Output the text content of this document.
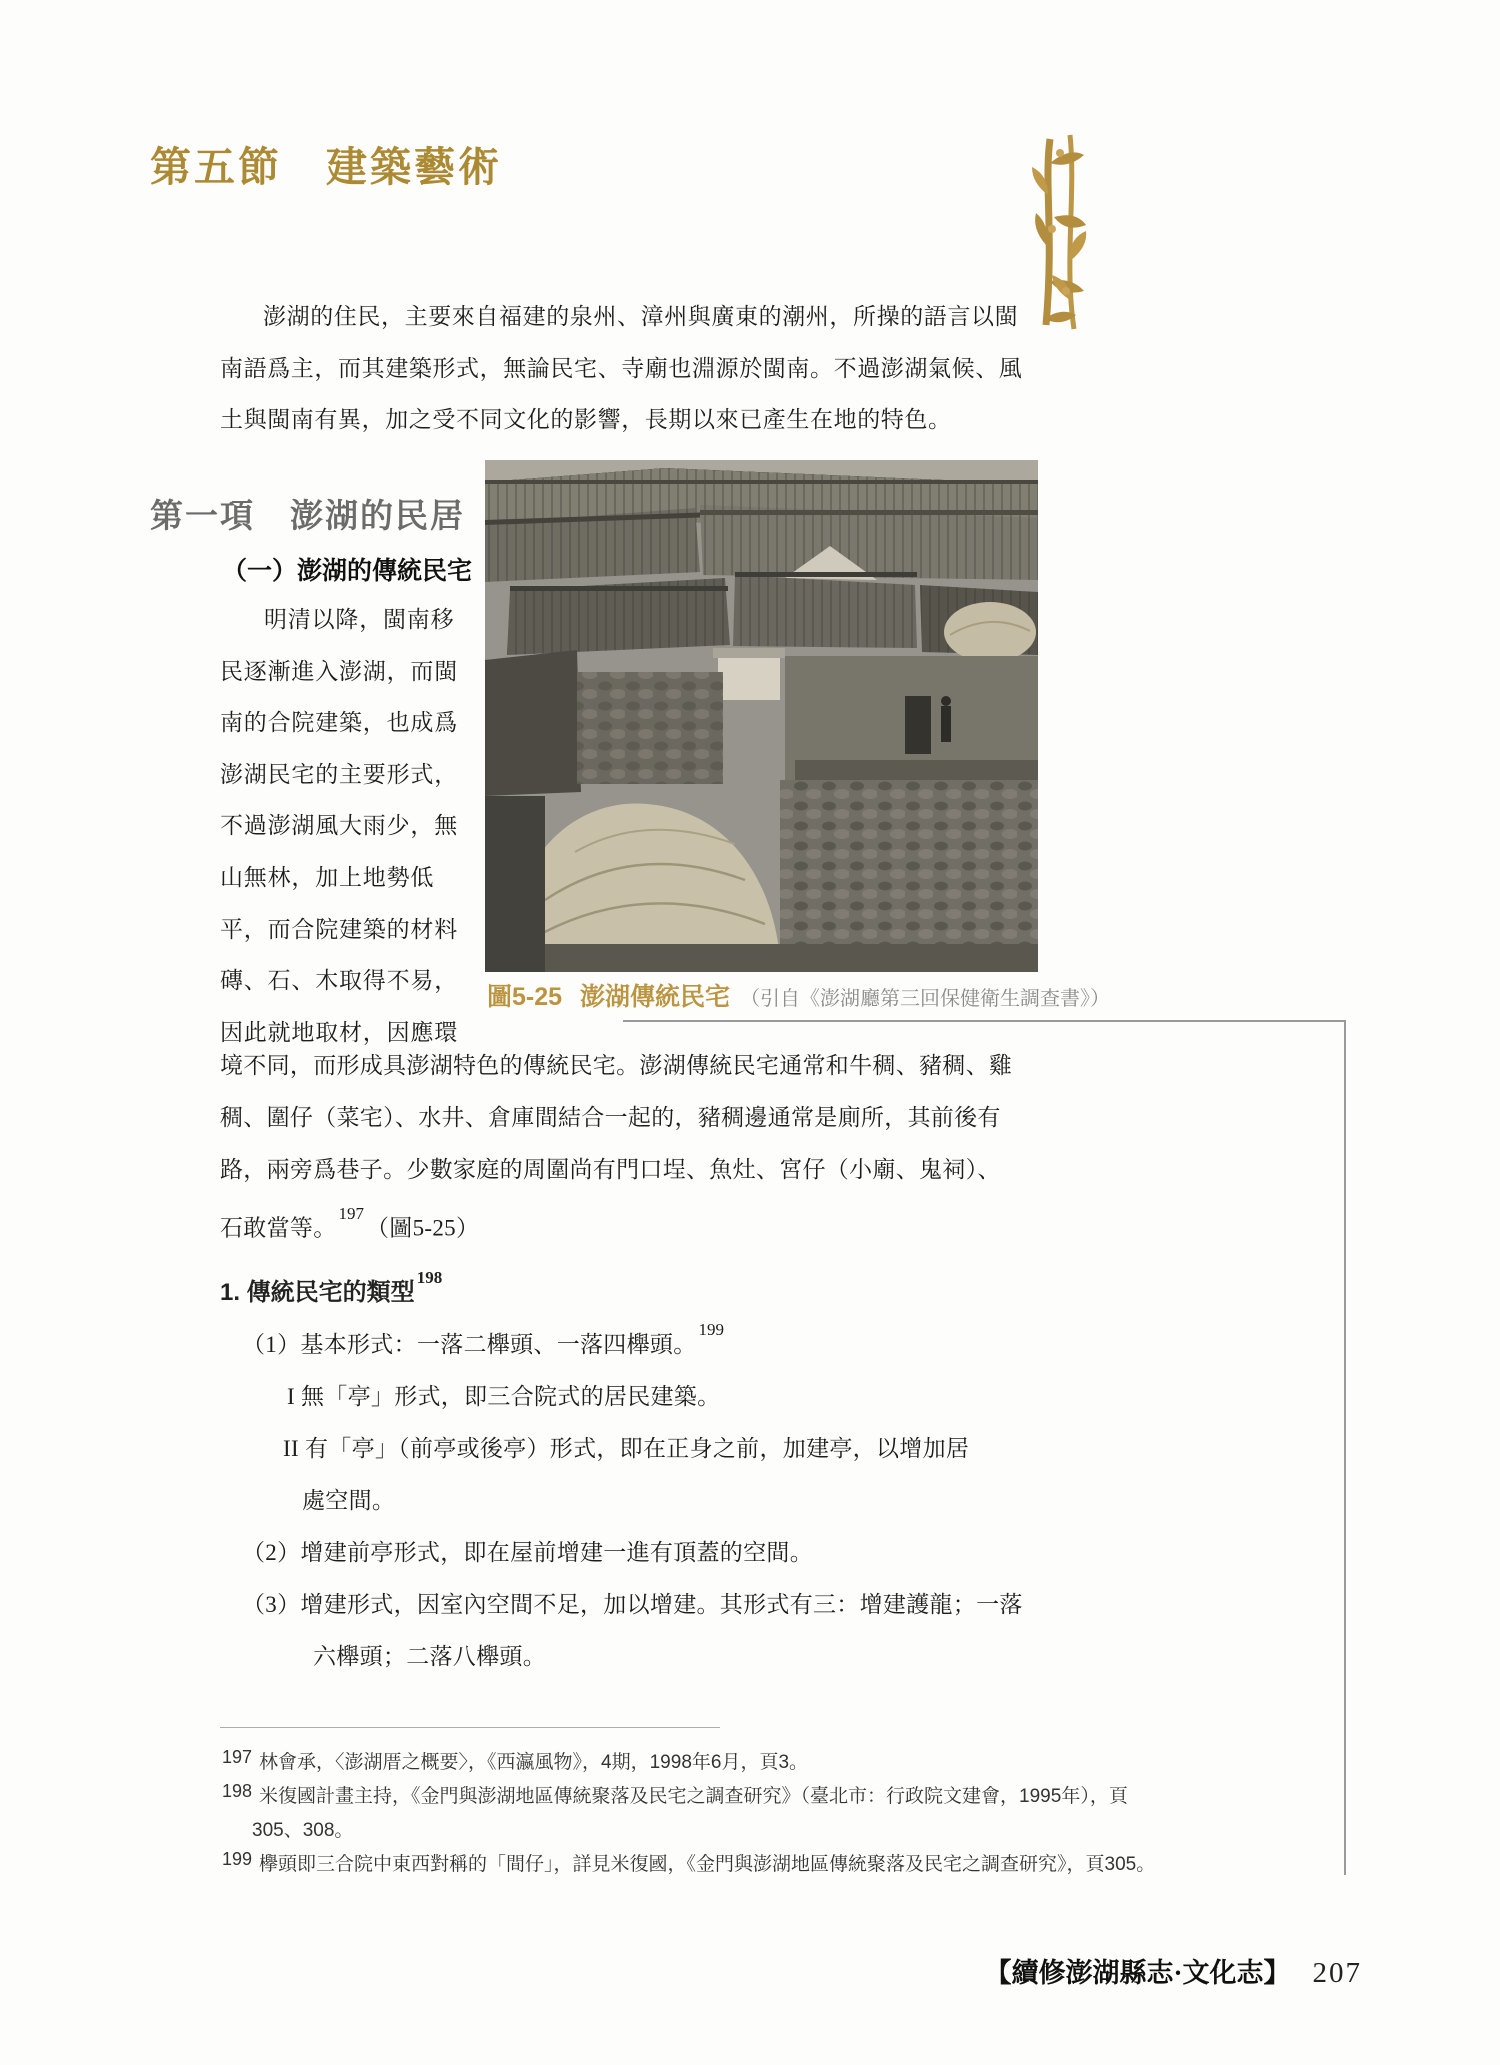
第五節　建築藝術
澎湖的住民，主要來自福建的泉州、漳州與廣東的潮州，所操的語言以閩
南語爲主，而其建築形式，無論民宅、寺廟也淵源於閩南。不過澎湖氣候、風
土與閩南有異，加之受不同文化的影響，長期以來已產生在地的特色。
第一項　澎湖的民居
（一）澎湖的傳統民宅
明清以降，閩南移
民逐漸進入澎湖，而閩
南的合院建築，也成爲
澎湖民宅的主要形式，
不過澎湖風大雨少，無
山無林，加上地勢低
平，而合院建築的材料
磚、石、木取得不易，
因此就地取材，因應環
圖5-25 澎湖傳統民宅 （引自《澎湖廳第三回保健衛生調查書》）
境不同，而形成具澎湖特色的傳統民宅。澎湖傳統民宅通常和牛稠、豬稠、雞
稠、圍仔（菜宅）、水井、倉庫間結合一起的，豬稠邊通常是廁所，其前後有
路，兩旁爲巷子。少數家庭的周圍尚有門口埕、魚灶、宮仔（小廟、鬼祠）、
石敢當等。$^{197}$（圖5-25）
1. 傳統民宅的類型$^{198}$
（1）基本形式：一落二櫸頭、一落四櫸頭。$^{199}$
I 無「亭」形式，即三合院式的居民建築。
II 有「亭」（前亭或後亭）形式，即在正身之前，加建亭，以增加居
處空間。
（2）增建前亭形式，即在屋前增建一進有頂蓋的空間。
（3）增建形式，因室內空間不足，加以增建。其形式有三：增建護龍；一落
六櫸頭；二落八櫸頭。
197 林會承，〈澎湖厝之概要〉，《西瀛風物》，4期，1998年6月，頁3。
198 米復國計畫主持，《金門與澎湖地區傳統聚落及民宅之調查研究》（臺北市：行政院文建會，1995年），頁
305、308。
199 欅頭即三合院中東西對稱的「間仔」，詳見米復國，《金門與澎湖地區傳統聚落及民宅之調查研究》，頁305。
【續修澎湖縣志·文化志】 207
